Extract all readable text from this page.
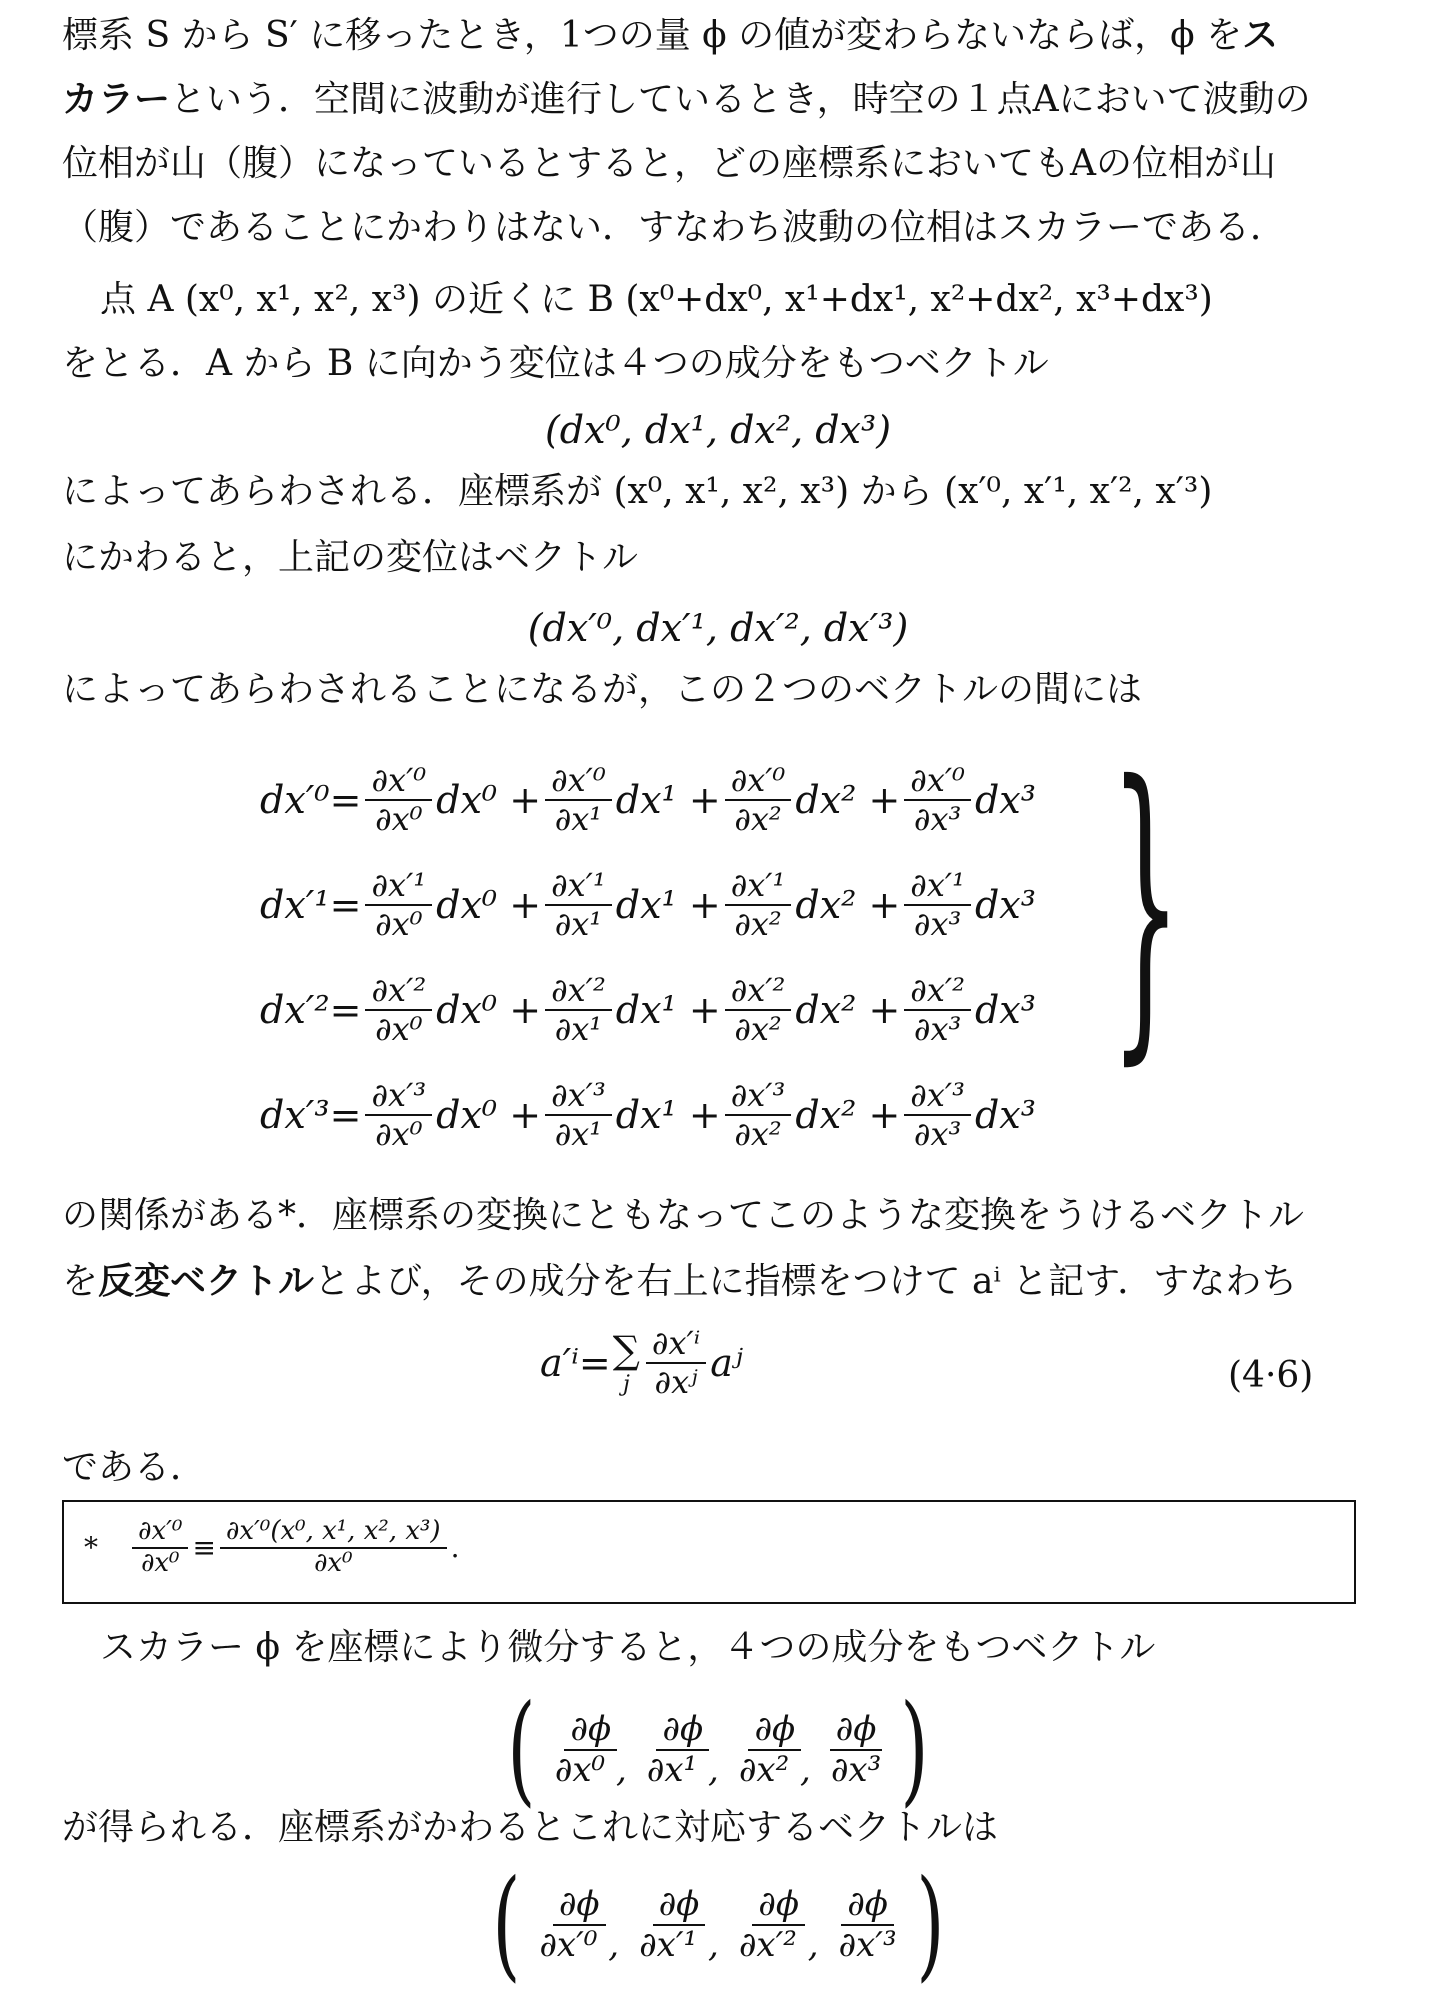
標系 S から S′ に移ったとき，1つの量 ϕ の値が変わらないならば，ϕ をス
カラーという．空間に波動が進行しているとき，時空の１点Aにおいて波動の
位相が山（腹）になっているとすると，どの座標系においてもAの位相が山
（腹）であることにかわりはない．すなわち波動の位相はスカラーである．
点 A (x⁰, x¹, x², x³) の近くに B (x⁰+dx⁰, x¹+dx¹, x²+dx², x³+dx³)
をとる．A から B に向かう変位は４つの成分をもつベクトル
(dx⁰, dx¹, dx², dx³)
によってあらわされる．座標系が (x⁰, x¹, x², x³) から (x′⁰, x′¹, x′², x′³)
にかわると，上記の変位はベクトル
(dx′⁰, dx′¹, dx′², dx′³)
によってあらわされることになるが，この２つのベクトルの間には
$dx'^0= \frac{\text{∂x′⁰}}{\text{∂x⁰}} dx^0 + \frac{\text{∂x′⁰}}{\text{∂x¹}} dx^1 + \frac{\text{∂x′⁰}}{\text{∂x²}} dx^2 + \frac{\text{∂x′⁰}}{\text{∂x³}} dx^3$
$dx'^1= \frac{\text{∂x′¹}}{\text{∂x⁰}} dx^0 + \frac{\text{∂x′¹}}{\text{∂x¹}} dx^1 + \frac{\text{∂x′¹}}{\text{∂x²}} dx^2 + \frac{\text{∂x′¹}}{\text{∂x³}} dx^3$
$dx'^2= \frac{\text{∂x′²}}{\text{∂x⁰}} dx^0 + \frac{\text{∂x′²}}{\text{∂x¹}} dx^1 + \frac{\text{∂x′²}}{\text{∂x²}} dx^2 + \frac{\text{∂x′²}}{\text{∂x³}} dx^3$
$dx'^3= \frac{\text{∂x′³}}{\text{∂x⁰}} dx^0 + \frac{\text{∂x′³}}{\text{∂x¹}} dx^1 + \frac{\text{∂x′³}}{\text{∂x²}} dx^2 + \frac{\text{∂x′³}}{\text{∂x³}} dx^3$
}
の関係がある*．座標系の変換にともなってこのような変換をうけるベクトル
を反変ベクトルとよび，その成分を右上に指標をつけて aⁱ と記す．すなわち
a′ⁱ= ∑
j $\frac{\text{∂x′ⁱ}}{\text{∂xʲ}}$ aʲ	(4·6)
である．
* $\frac{\text{∂x′⁰}}{\text{∂x⁰}} \equiv \frac{\text{∂x′⁰(x⁰, x¹, x², x³)}}{\text{∂x⁰}}$ .
スカラー ϕ を座標により微分すると，４つの成分をもつベクトル
( $\frac{\partial\phi}{\text{∂x⁰ ,}} \frac{\partial\phi}{\text{∂x¹ ,}} \frac{\partial\phi}{\text{∂x² ,}} \frac{\partial\phi}{\text{∂x³}}$ )
が得られる．座標系がかわるとこれに対応するベクトルは
( $\frac{\partial\phi}{\text{∂x′⁰ ,}} \frac{\partial\phi}{\text{∂x′¹ ,}} \frac{\partial\phi}{\text{∂x′² ,}} \frac{\partial\phi}{\text{∂x′³}}$ )
